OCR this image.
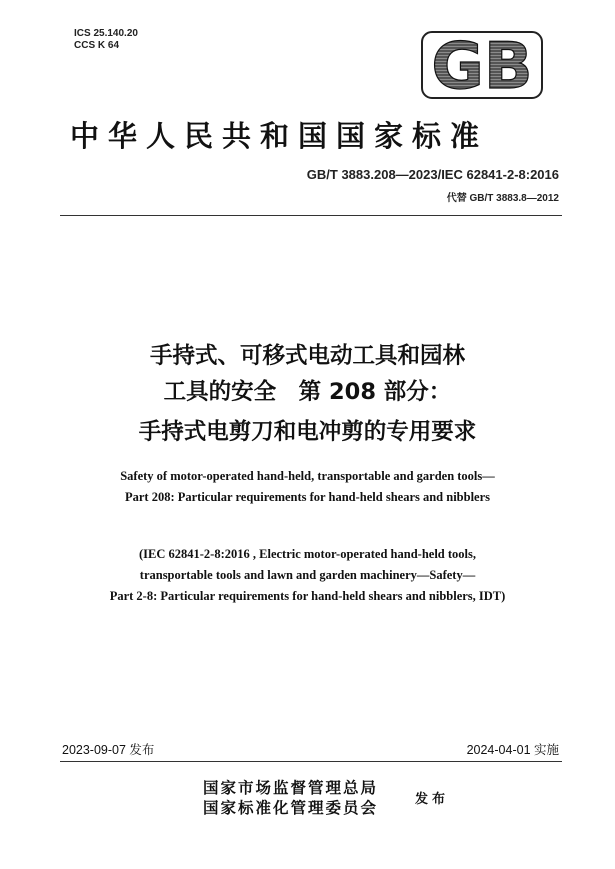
ICS 25.140.20
CCS K 64	GB
中华人民共和国国家标准
GB/T 3883.208—2023/IEC 62841-2-8:2016
代替 GB/T 3883.8—2012
手持式、可移式电动工具和园林
工具的安全　第 208 部分：
手持式电剪刀和电冲剪的专用要求
Safety of motor-operated hand-held, transportable and garden tools—
Part 208: Particular requirements for hand-held shears and nibblers
(IEC 62841-2-8:2016 , Electric motor-operated hand-held tools,
transportable tools and lawn and garden machinery—Safety—
Part 2-8: Particular requirements for hand-held shears and nibblers, IDT)
2023-09-07 发布	2024-04-01 实施
国家市场监督管理总局
国家标准化管理委员会	发布
